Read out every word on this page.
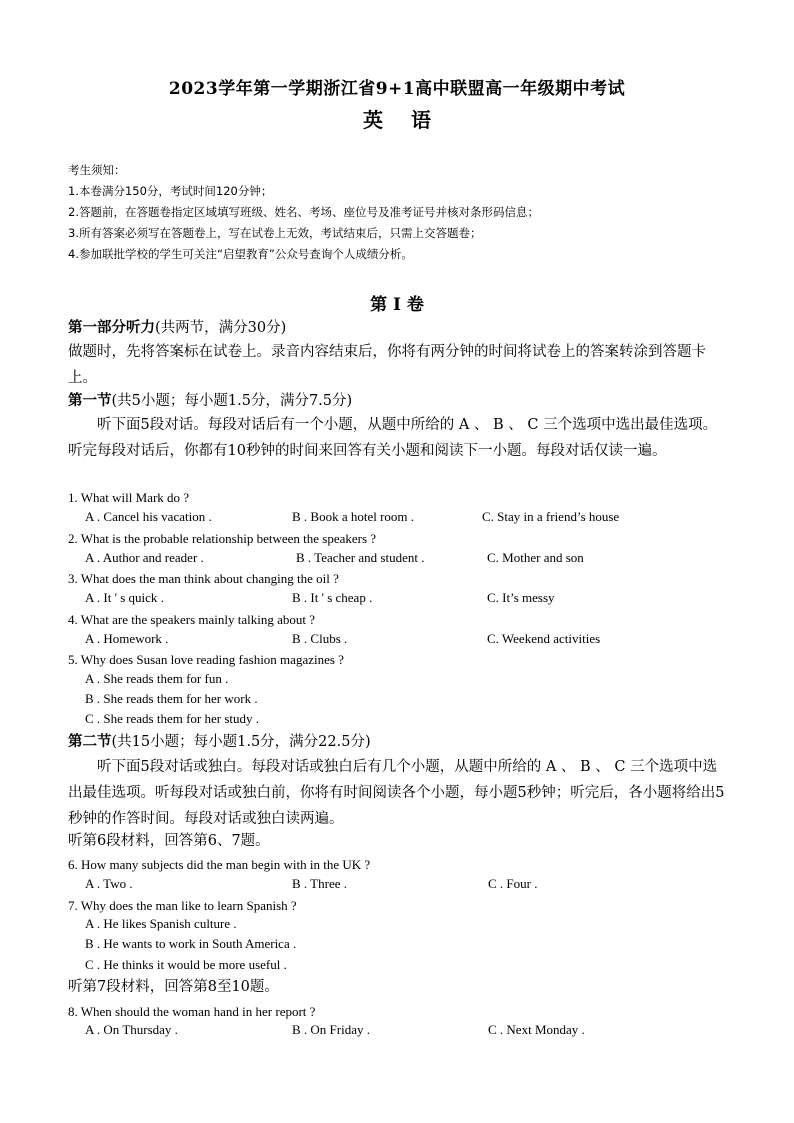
2023学年第一学期浙江省9+1高中联盟高一年级期中考试
英语
考生须知：
1.本卷满分150分，考试时间120分钟；
2.答题前，在答题卷指定区域填写班级、姓名、考场、座位号及准考证号并核对条形码信息；
3.所有答案必须写在答题卷上，写在试卷上无效，考试结束后，只需上交答题卷；
4.参加联批学校的学生可关注“启望教育”公众号查询个人成绩分析。
第 I 卷
第一部分听力(共两节，满分30分)
做题时，先将答案标在试卷上。录音内容结束后，你将有两分钟的时间将试卷上的答案转涂到答题卡上。
第一节(共5小题；每小题1.5分，满分7.5分)
听下面5段对话。每段对话后有一个小题，从题中所给的 A 、 B 、 C 三个选项中选出最佳选项。听完每段对话后，你都有10秒钟的时间来回答有关小题和阅读下一小题。每段对话仅读一遍。
1. What will Mark do ?
A . Cancel his vacation .	B . Book a hotel room .	C. Stay in a friend’s house
2. What is the probable relationship between the speakers ?
A . Author and reader .	B . Teacher and student .	C. Mother and son
3. What does the man think about changing the oil ?
A . It ' s quick .	B . It ' s cheap .	C. It’s messy
4. What are the speakers mainly talking about ?
A . Homework .	B . Clubs .	C. Weekend activities
5. Why does Susan love reading fashion magazines ?
A . She reads them for fun .
B . She reads them for her work .
C . She reads them for her study .
第二节(共15小题；每小题1.5分，满分22.5分)
听下面5段对话或独白。每段对话或独白后有几个小题，从题中所给的 A 、 B 、 C 三个选项中选出最佳选项。听每段对话或独白前，你将有时间阅读各个小题，每小题5秒钟；听完后，各小题将给出5秒钟的作答时间。每段对话或独白读两遍。
听第6段材料，回答第6、7题。
6. How many subjects did the man begin with in the UK ?
A . Two .	B . Three .	C . Four .
7. Why does the man like to learn Spanish ?
A . He likes Spanish culture .
B . He wants to work in South America .
C . He thinks it would be more useful .
听第7段材料，回答第8至10题。
8. When should the woman hand in her report ?
A . On Thursday .	B . On Friday .	C . Next Monday .
